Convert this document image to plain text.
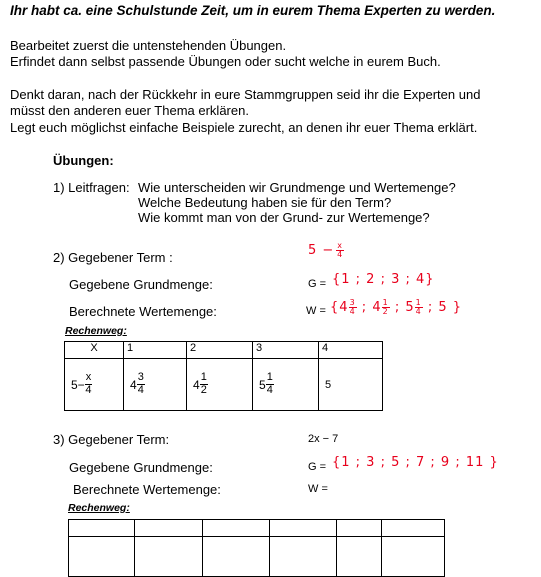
Ihr habt ca. eine Schulstunde Zeit, um in eurem Thema Experten zu werden.
Bearbeitet zuerst die untenstehenden Übungen.
Erfindet dann selbst passende Übungen oder sucht welche in eurem Buch.
Denkt daran, nach der Rückkehr in eure Stammgruppen seid ihr die Experten und
müsst den anderen euer Thema erklären.
Legt euch möglichst einfache Beispiele zurecht, an denen ihr euer Thema erklärt.
Übungen:
1) Leitfragen: Wie unterscheiden wir Grundmenge und Wertemenge?
Welche Bedeutung haben sie für den Term?
Wie kommt man von der Grund- zur Wertemenge?
2) Gegebener Term :	$5 - \frac{x}{4}$
Gegebene Grundmenge:	G = {1 ; 2 ; 3 ; 4}
Berechnete Wertemenge:	W = { $4 \frac{3}{4}$ ; $4 \frac{1}{2}$ ; $5 \frac{1}{4}$ ; 5 }
Rechenweg:
X	1	2	3	4

$5- \frac{x}{4}$	$4 \frac{3}{4}$	$4 \frac{1}{2}$	$5 \frac{1}{4}$	5
3) Gegebener Term:	2x − 7
Gegebene Grundmenge:	G = {1 ; 3 ; 5 ; 7 ; 9 ; 11 }
Berechnete Wertemenge:	W =
Rechenweg:
